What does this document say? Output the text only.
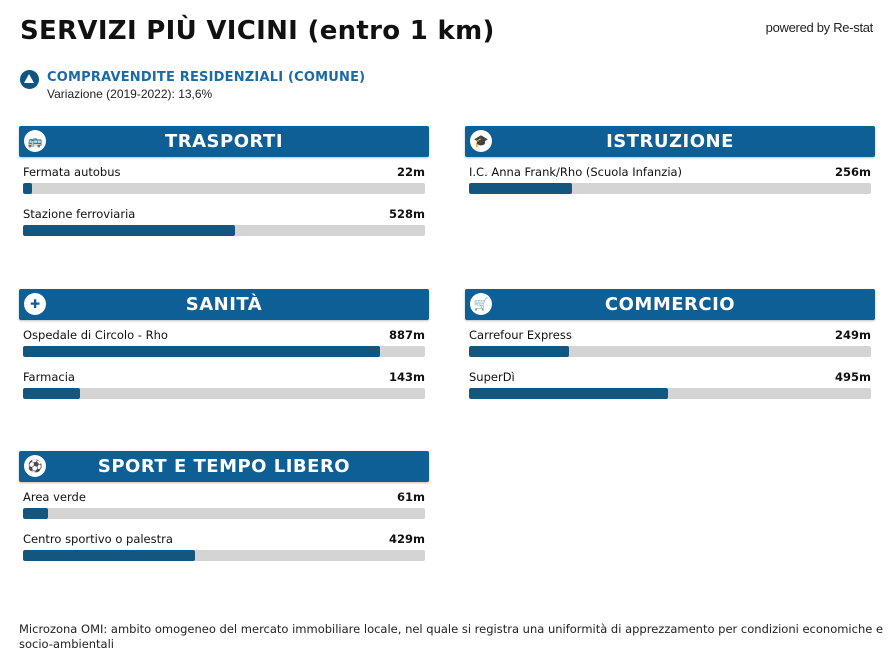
SERVIZI PIÙ VICINI (entro 1 km)	powered by Re-stat
COMPRAVENDITE RESIDENZIALI (COMUNE)
Variazione (2019-2022): 13,6%
🚌	TRASPORTI
Fermata autobus	22m
Stazione ferroviaria	528m
🎓	ISTRUZIONE
I.C. Anna Frank/Rho (Scuola Infanzia)	256m
✚	SANITÀ
Ospedale di Circolo - Rho	887m
Farmacia	143m
🛒	COMMERCIO
Carrefour Express	249m
SuperDì	495m
⚽	SPORT E TEMPO LIBERO
Area verde	61m
Centro sportivo o palestra	429m
Microzona OMI: ambito omogeneo del mercato immobiliare locale, nel quale si registra una uniformità di apprezzamento per condizioni economiche e
socio-ambientali
